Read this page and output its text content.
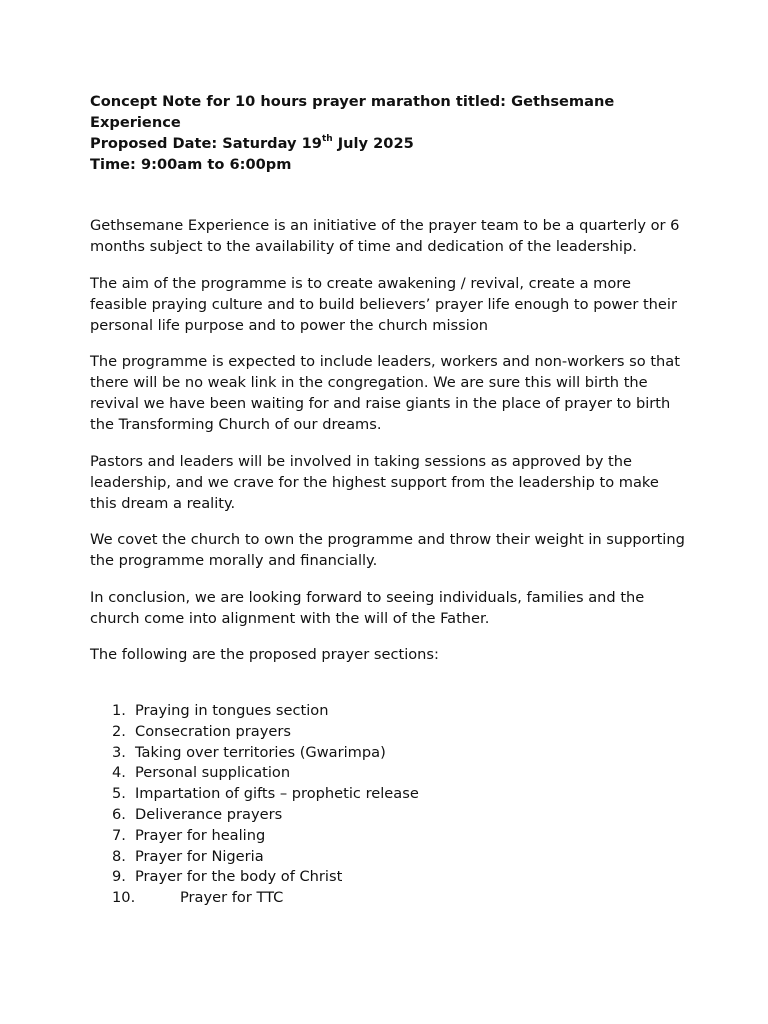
Concept Note for 10 hours prayer marathon titled: Gethsemane
Experience
Proposed Date: Saturday 19th July 2025
Time: 9:00am to 6:00pm

Gethsemane Experience is an initiative of the prayer team to be a quarterly or 6 months subject to the availability of time and dedication of the leadership.

The aim of the programme is to create awakening / revival, create a more feasible praying culture and to build believers’ prayer life enough to power their personal life purpose and to power the church mission

The programme is expected to include leaders, workers and non-workers so that there will be no weak link in the congregation. We are sure this will birth the revival we have been waiting for and raise giants in the place of prayer to birth the Transforming Church of our dreams.

Pastors and leaders will be involved in taking sessions as approved by the leadership, and we crave for the highest support from the leadership to make this dream a reality.

We covet the church to own the programme and throw their weight in supporting the programme morally and financially.

In conclusion, we are looking forward to seeing individuals, families and the church come into alignment with the will of the Father.

The following are the proposed prayer sections:

1. Praying in tongues section
2. Consecration prayers
3. Taking over territories (Gwarimpa)
4. Personal supplication
5. Impartation of gifts – prophetic release
6. Deliverance prayers
7. Prayer for healing
8. Prayer for Nigeria
9. Prayer for the body of Christ
10.	Prayer for TTC
